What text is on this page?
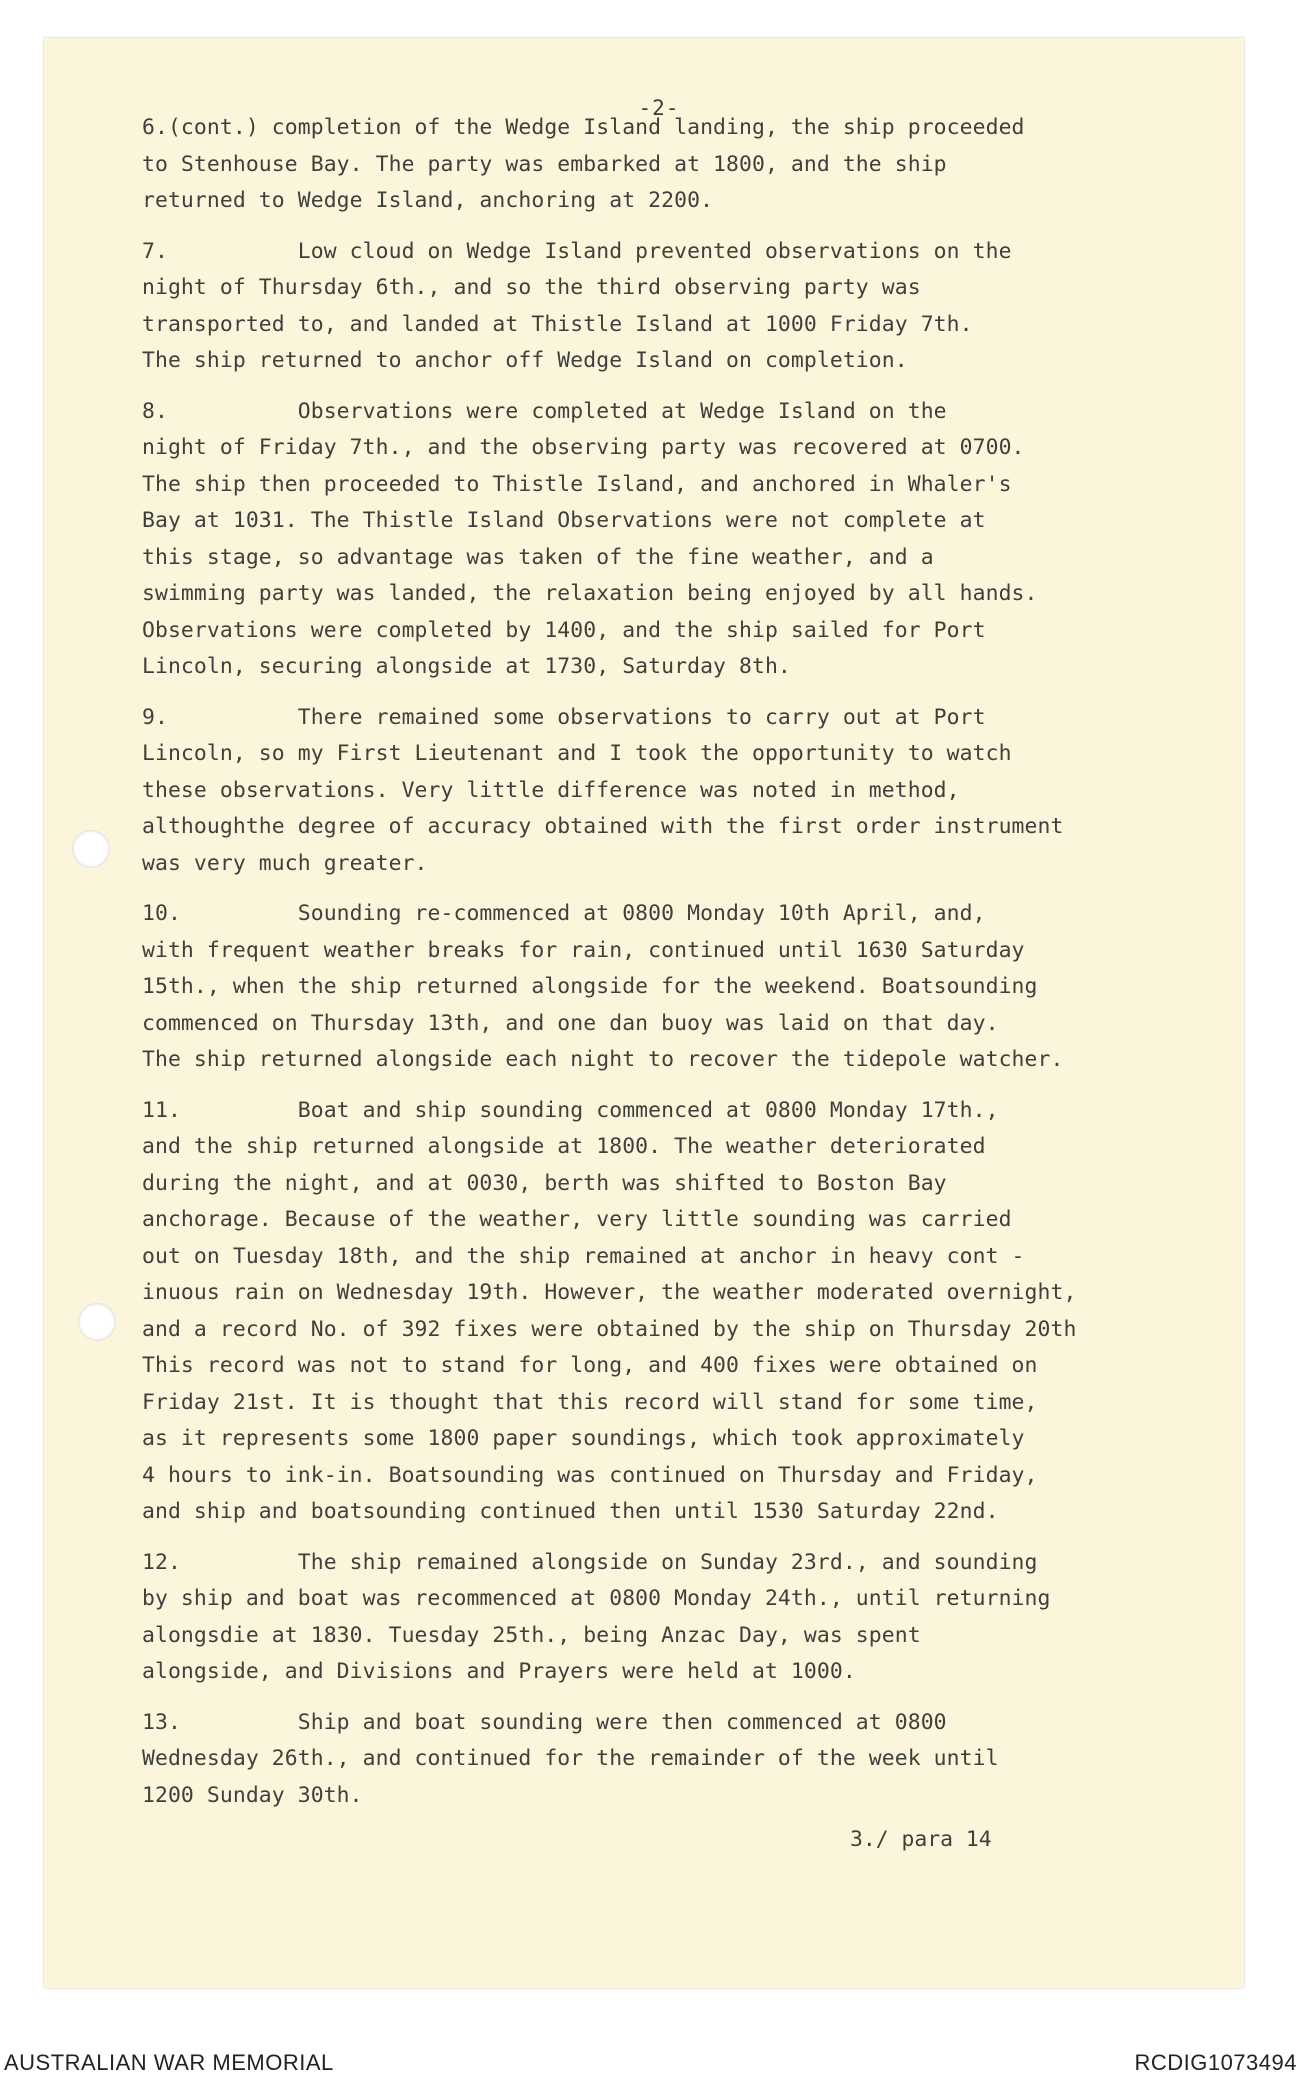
-2-
6.(cont.) completion of the Wedge Island landing, the ship proceeded
to Stenhouse Bay. The party was embarked at 1800, and the ship
returned to Wedge Island, anchoring at 2200.
7.          Low cloud on Wedge Island prevented observations on the
night of Thursday 6th., and so the third observing party was
transported to, and landed at Thistle Island at 1000 Friday 7th.
The ship returned to anchor off Wedge Island on completion.
8.          Observations were completed at Wedge Island on the
night of Friday 7th., and the observing party was recovered at 0700.
The ship then proceeded to Thistle Island, and anchored in Whaler's
Bay at 1031. The Thistle Island Observations were not complete at
this stage, so advantage was taken of the fine weather, and a
swimming party was landed, the relaxation being enjoyed by all hands.
Observations were completed by 1400, and the ship sailed for Port
Lincoln, securing alongside at 1730, Saturday 8th.
9.          There remained some observations to carry out at Port
Lincoln, so my First Lieutenant and I took the opportunity to watch
these observations. Very little difference was noted in method,
althoughthe degree of accuracy obtained with the first order instrument
was very much greater.
10.         Sounding re-commenced at 0800 Monday 10th April, and,
with frequent weather breaks for rain, continued until 1630 Saturday
15th., when the ship returned alongside for the weekend. Boatsounding
commenced on Thursday 13th, and one dan buoy was laid on that day.
The ship returned alongside each night to recover the tidepole watcher.
11.         Boat and ship sounding commenced at 0800 Monday 17th.,
and the ship returned alongside at 1800. The weather deteriorated
during the night, and at 0030, berth was shifted to Boston Bay
anchorage. Because of the weather, very little sounding was carried
out on Tuesday 18th, and the ship remained at anchor in heavy cont -
inuous rain on Wednesday 19th. However, the weather moderated overnight,
and a record No. of 392 fixes were obtained by the ship on Thursday 20th
This record was not to stand for long, and 400 fixes were obtained on
Friday 21st. It is thought that this record will stand for some time,
as it represents some 1800 paper soundings, which took approximately
4 hours to ink-in. Boatsounding was continued on Thursday and Friday,
and ship and boatsounding continued then until 1530 Saturday 22nd.
12.         The ship remained alongside on Sunday 23rd., and sounding
by ship and boat was recommenced at 0800 Monday 24th., until returning
alongsdie at 1830. Tuesday 25th., being Anzac Day, was spent
alongside, and Divisions and Prayers were held at 1000.
13.         Ship and boat sounding were then commenced at 0800
Wednesday 26th., and continued for the remainder of the week until
1200 Sunday 30th.
3./ para 14
AUSTRALIAN WAR MEMORIAL	RCDIG1073494
